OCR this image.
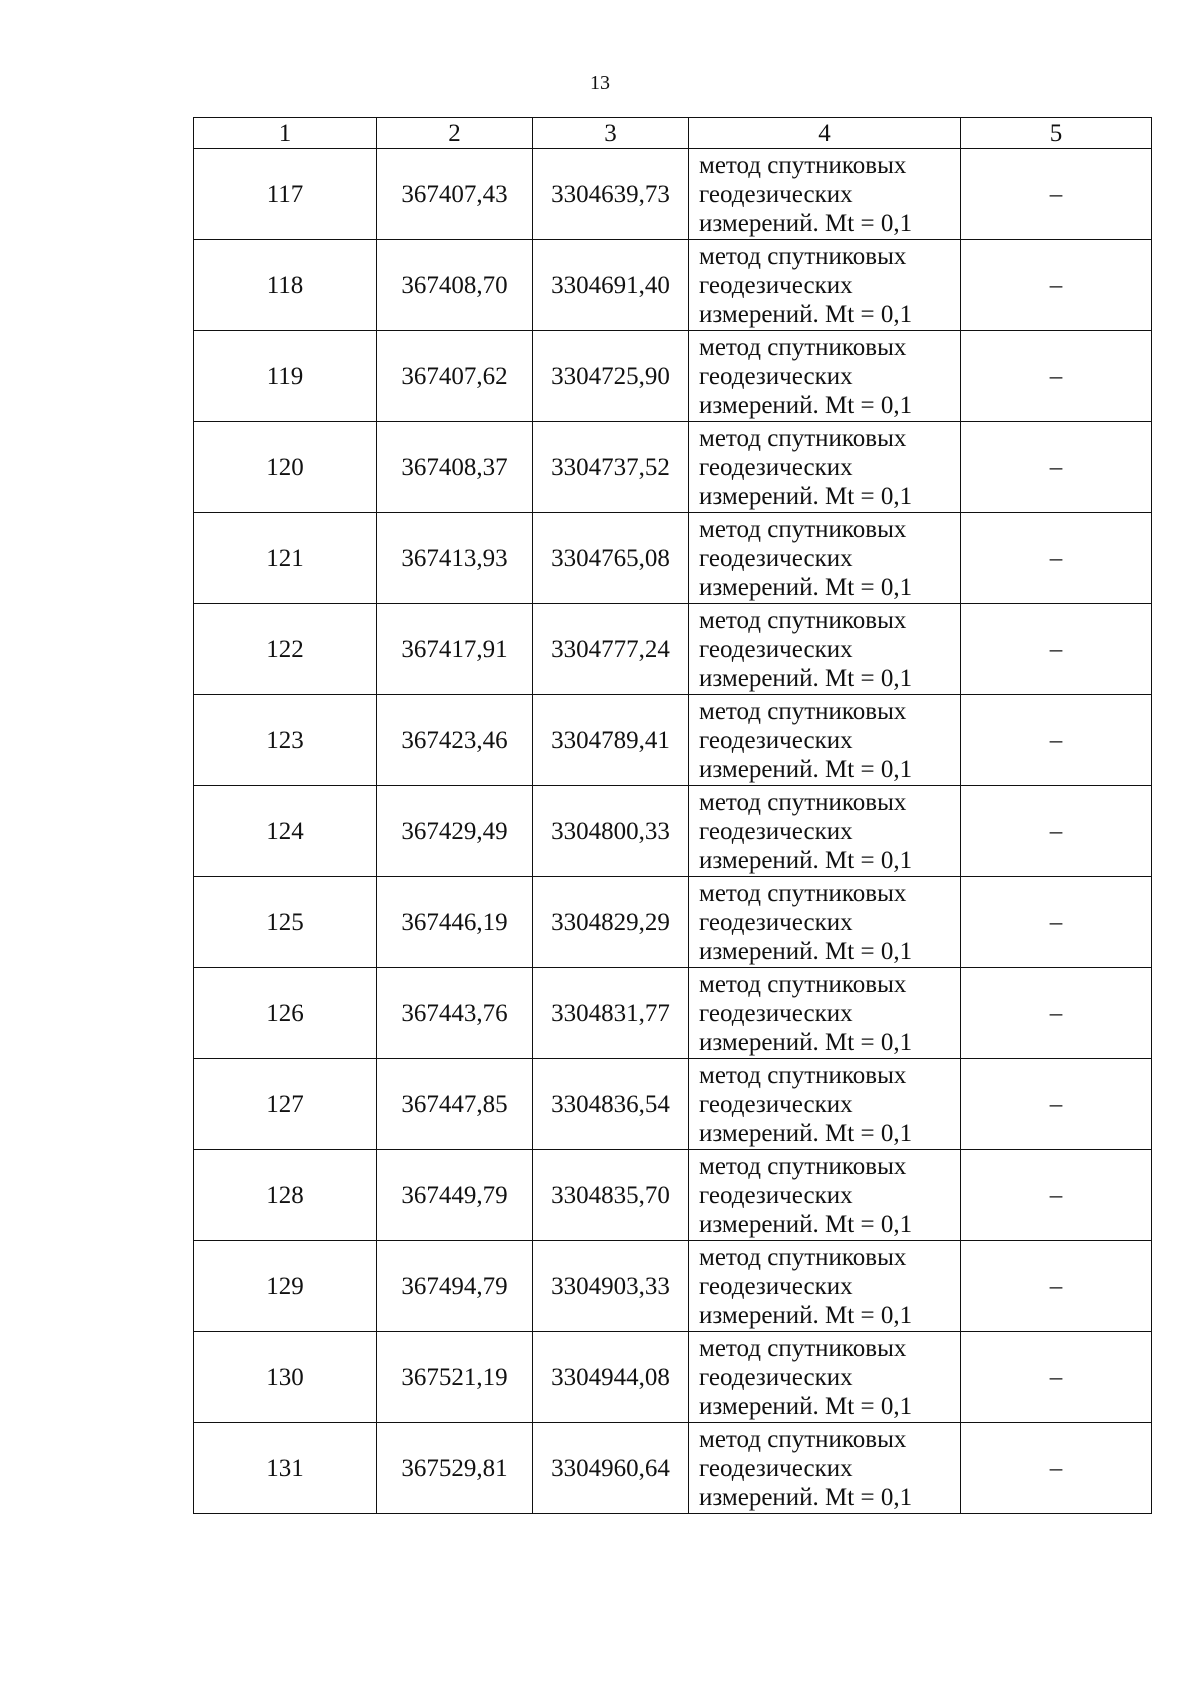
13
1	2	3	4	5
117	367407,43	3304639,73	метод спутниковых
геодезических
измерений. Mt = 0,1	–
118	367408,70	3304691,40	метод спутниковых
геодезических
измерений. Mt = 0,1	–
119	367407,62	3304725,90	метод спутниковых
геодезических
измерений. Mt = 0,1	–
120	367408,37	3304737,52	метод спутниковых
геодезических
измерений. Mt = 0,1	–
121	367413,93	3304765,08	метод спутниковых
геодезических
измерений. Mt = 0,1	–
122	367417,91	3304777,24	метод спутниковых
геодезических
измерений. Mt = 0,1	–
123	367423,46	3304789,41	метод спутниковых
геодезических
измерений. Mt = 0,1	–
124	367429,49	3304800,33	метод спутниковых
геодезических
измерений. Mt = 0,1	–
125	367446,19	3304829,29	метод спутниковых
геодезических
измерений. Mt = 0,1	–
126	367443,76	3304831,77	метод спутниковых
геодезических
измерений. Mt = 0,1	–
127	367447,85	3304836,54	метод спутниковых
геодезических
измерений. Mt = 0,1	–
128	367449,79	3304835,70	метод спутниковых
геодезических
измерений. Mt = 0,1	–
129	367494,79	3304903,33	метод спутниковых
геодезических
измерений. Mt = 0,1	–
130	367521,19	3304944,08	метод спутниковых
геодезических
измерений. Mt = 0,1	–
131	367529,81	3304960,64	метод спутниковых
геодезических
измерений. Mt = 0,1	–
